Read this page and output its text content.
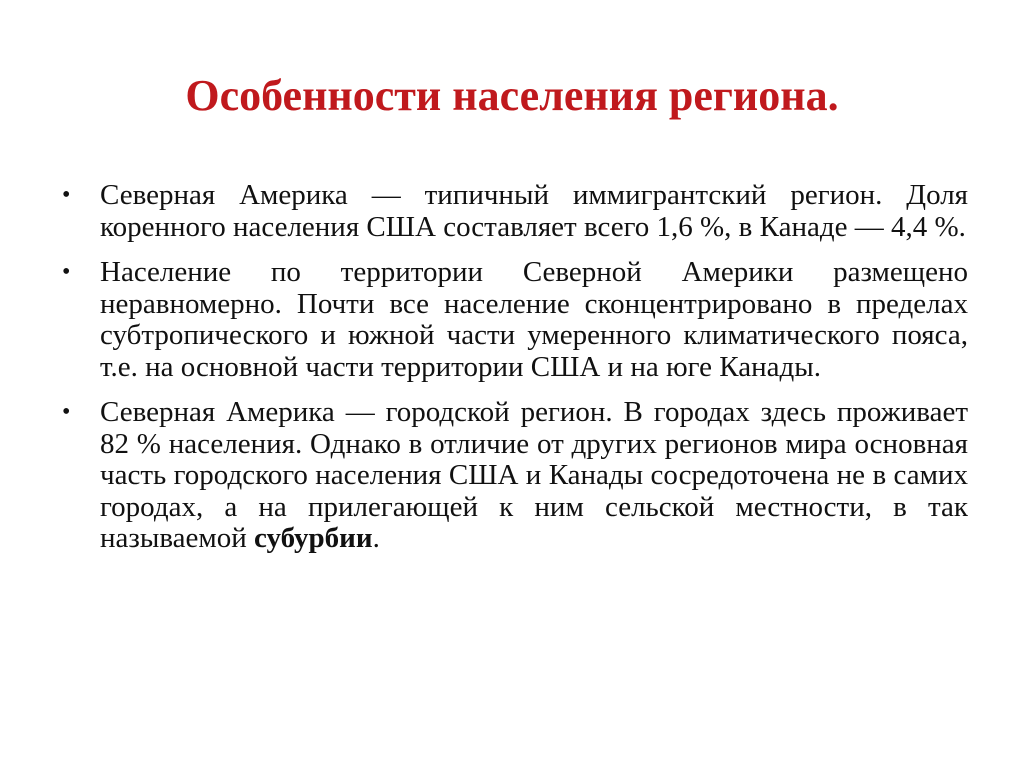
Особенности населения региона.
• Северная Америка — типичный иммигрантский регион. Доля коренного населения США составляет всего 1,6 %, в Канаде — 4,4 %.
• Население по территории Северной Америки размещено неравномерно. Почти все население сконцентрировано в пределах субтропического и южной части умеренного климатического пояса, т.е. на основной части территории США и на юге Канады.
• Северная Америка — городской регион. В городах здесь проживает 82 % населения. Однако в отличие от других регионов мира основная часть городского населения США и Канады сосредоточена не в самих городах, а на прилегающей к ним сельской местности, в так называемой субурбии.
